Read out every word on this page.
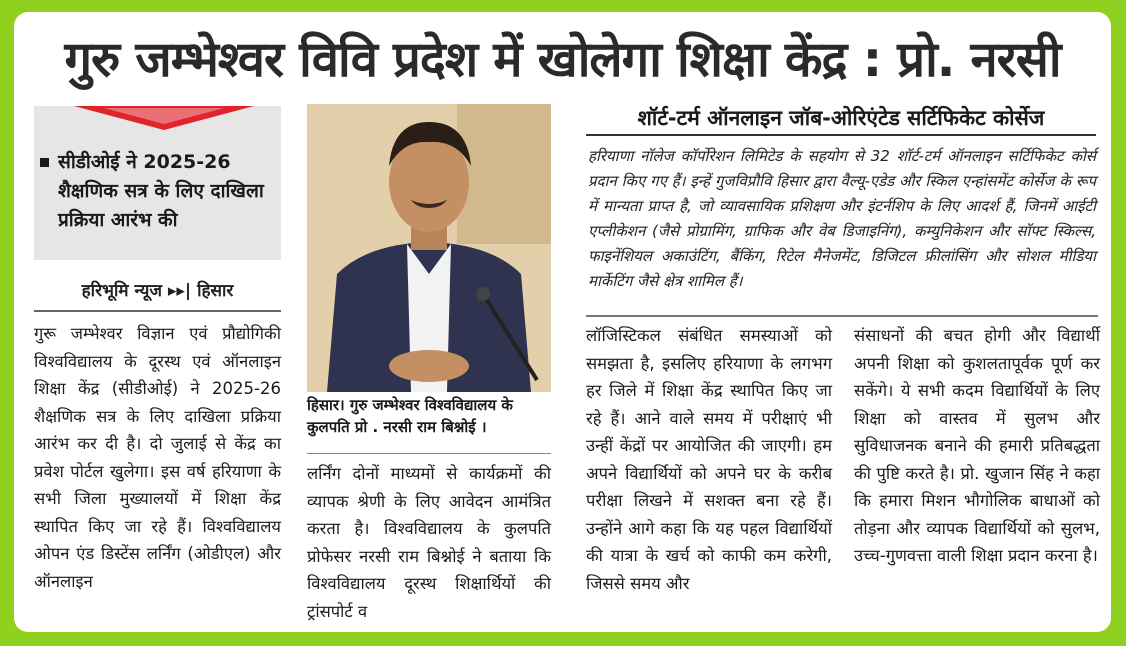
गुरु जम्भेश्वर विवि प्रदेश में खोलेगा शिक्षा केंद्र : प्रो. नरसी
सीडीओई ने 2025-26 शैक्षणिक सत्र के लिए दाखिला प्रक्रिया आरंभ की
हरिभूमि न्यूज ▸▸| हिसार
गुरू जम्भेश्वर विज्ञान एवं प्रौद्योगिकी विश्वविद्यालय के दूरस्थ एवं ऑनलाइन शिक्षा केंद्र (सीडीओई) ने 2025-26 शैक्षणिक सत्र के लिए दाखिला प्रक्रिया आरंभ कर दी है। दो जुलाई से केंद्र का प्रवेश पोर्टल खुलेगा। इस वर्ष हरियाणा के सभी जिला मुख्यालयों में शिक्षा केंद्र स्थापित किए जा रहे हैं। विश्वविद्यालय ओपन एंड डिस्टेंस लर्निंग (ओडीएल) और ऑनलाइन
हिसार। गुरु जम्भेश्वर विश्वविद्यालय के कुलपति प्रो . नरसी राम बिश्नोई ।
लर्निंग दोनों माध्यमों से कार्यक्रमों की व्यापक श्रेणी के लिए आवेदन आमंत्रित करता है। विश्वविद्यालय के कुलपति प्रोफेसर नरसी राम बिश्नोई ने बताया कि विश्वविद्यालय दूरस्थ शिक्षार्थियों की ट्रांसपोर्ट व
शॉर्ट-टर्म ऑनलाइन जॉब-ओरिएंटेड सर्टिफिकेट कोर्सेज
हरियाणा नॉलेज कॉर्पोरेशन लिमिटेड के सहयोग से 32 शॉर्ट-टर्म ऑनलाइन सर्टिफिकेट कोर्स प्रदान किए गए हैं। इन्हें गुजविप्रौवि हिसार द्वारा वैल्यू-एडेड और स्किल एन्हांसमेंट कोर्सेज के रूप में मान्यता प्राप्त है, जो व्यावसायिक प्रशिक्षण और इंटर्नशिप के लिए आदर्श हैं, जिनमें आईटी एप्लीकेशन (जैसे प्रोग्रामिंग, ग्राफिक और वेब डिजाइनिंग), कम्युनिकेशन और सॉफ्ट स्किल्स, फाइनेंशियल अकाउंटिंग, बैंकिंग, रिटेल मैनेजमेंट, डिजिटल फ्रीलांसिंग और सोशल मीडिया मार्केटिंग जैसे क्षेत्र शामिल हैं।
लॉजिस्टिकल संबंधित समस्याओं को समझता है, इसलिए हरियाणा के लगभग हर जिले में शिक्षा केंद्र स्थापित किए जा रहे हैं। आने वाले समय में परीक्षाएं भी उन्हीं केंद्रों पर आयोजित की जाएगी। हम अपने विद्यार्थियों को अपने घर के करीब परीक्षा लिखने में सशक्त बना रहे हैं। उन्होंने आगे कहा कि यह पहल विद्यार्थियों की यात्रा के खर्च को काफी कम करेगी, जिससे समय और
संसाधनों की बचत होगी और विद्यार्थी अपनी शिक्षा को कुशलतापूर्वक पूर्ण कर सकेंगे। ये सभी कदम विद्यार्थियों के लिए शिक्षा को वास्तव में सुलभ और सुविधाजनक बनाने की हमारी प्रतिबद्धता की पुष्टि करते है। प्रो. खुजान सिंह ने कहा कि हमारा मिशन भौगोलिक बाधाओं को तोड़ना और व्यापक विद्यार्थियों को सुलभ, उच्च-गुणवत्ता वाली शिक्षा प्रदान करना है।
